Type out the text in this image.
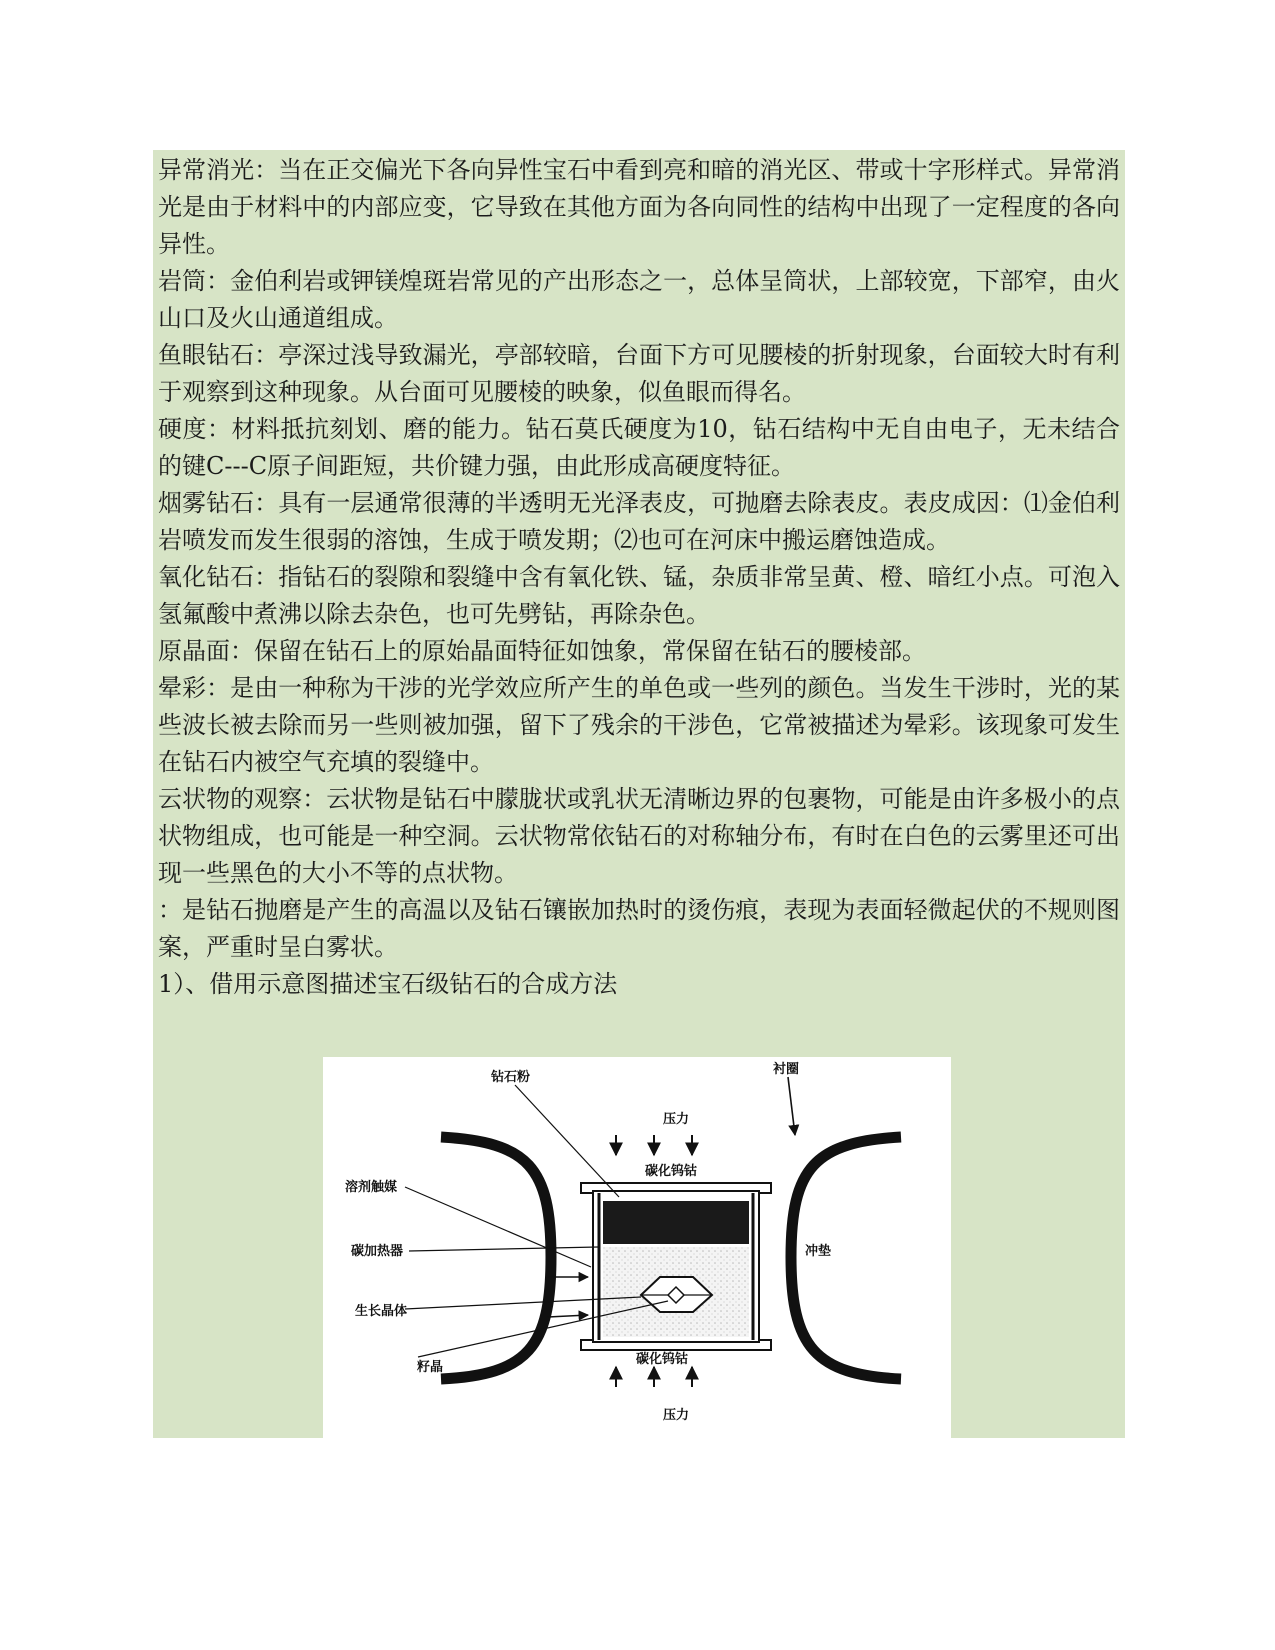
异常消光：当在正交偏光下各向异性宝石中看到亮和暗的消光区、带或十字形样式。异常消光是由于材料中的内部应变，它导致在其他方面为各向同性的结构中出现了一定程度的各向异性。

岩筒：金伯利岩或钾镁煌斑岩常见的产出形态之一，总体呈筒状，上部较宽，下部窄，由火山口及火山通道组成。

鱼眼钻石：亭深过浅导致漏光，亭部较暗，台面下方可见腰棱的折射现象，台面较大时有利于观察到这种现象。从台面可见腰棱的映象，似鱼眼而得名。

硬度：材料抵抗刻划、磨的能力。钻石莫氏硬度为10，钻石结构中无自由电子，无未结合的键C---C原子间距短，共价键力强，由此形成高硬度特征。

烟雾钻石：具有一层通常很薄的半透明无光泽表皮，可抛磨去除表皮。表皮成因：⑴金伯利岩喷发而发生很弱的溶蚀，生成于喷发期；⑵也可在河床中搬运磨蚀造成。

氧化钻石：指钻石的裂隙和裂缝中含有氧化铁、锰，杂质非常呈黄、橙、暗红小点。可泡入氢氟酸中煮沸以除去杂色，也可先劈钻，再除杂色。

原晶面：保留在钻石上的原始晶面特征如蚀象，常保留在钻石的腰棱部。

晕彩：是由一种称为干涉的光学效应所产生的单色或一些列的颜色。当发生干涉时，光的某些波长被去除而另一些则被加强，留下了残余的干涉色，它常被描述为晕彩。该现象可发生在钻石内被空气充填的裂缝中。

云状物的观察：云状物是钻石中朦胧状或乳状无清晰边界的包裹物，可能是由许多极小的点状物组成，也可能是一种空洞。云状物常依钻石的对称轴分布，有时在白色的云雾里还可出现一些黑色的大小不等的点状物。

：是钻石抛磨是产生的高温以及钻石镶嵌加热时的烫伤痕，表现为表面轻微起伏的不规则图案，严重时呈白雾状。

1）、借用示意图描述宝石级钻石的合成方法

钻石粉
衬圈
压力
碳化钨钴
溶剂触媒
碳加热器	冲垫
生长晶体
碳化钨钴
籽晶
压力
